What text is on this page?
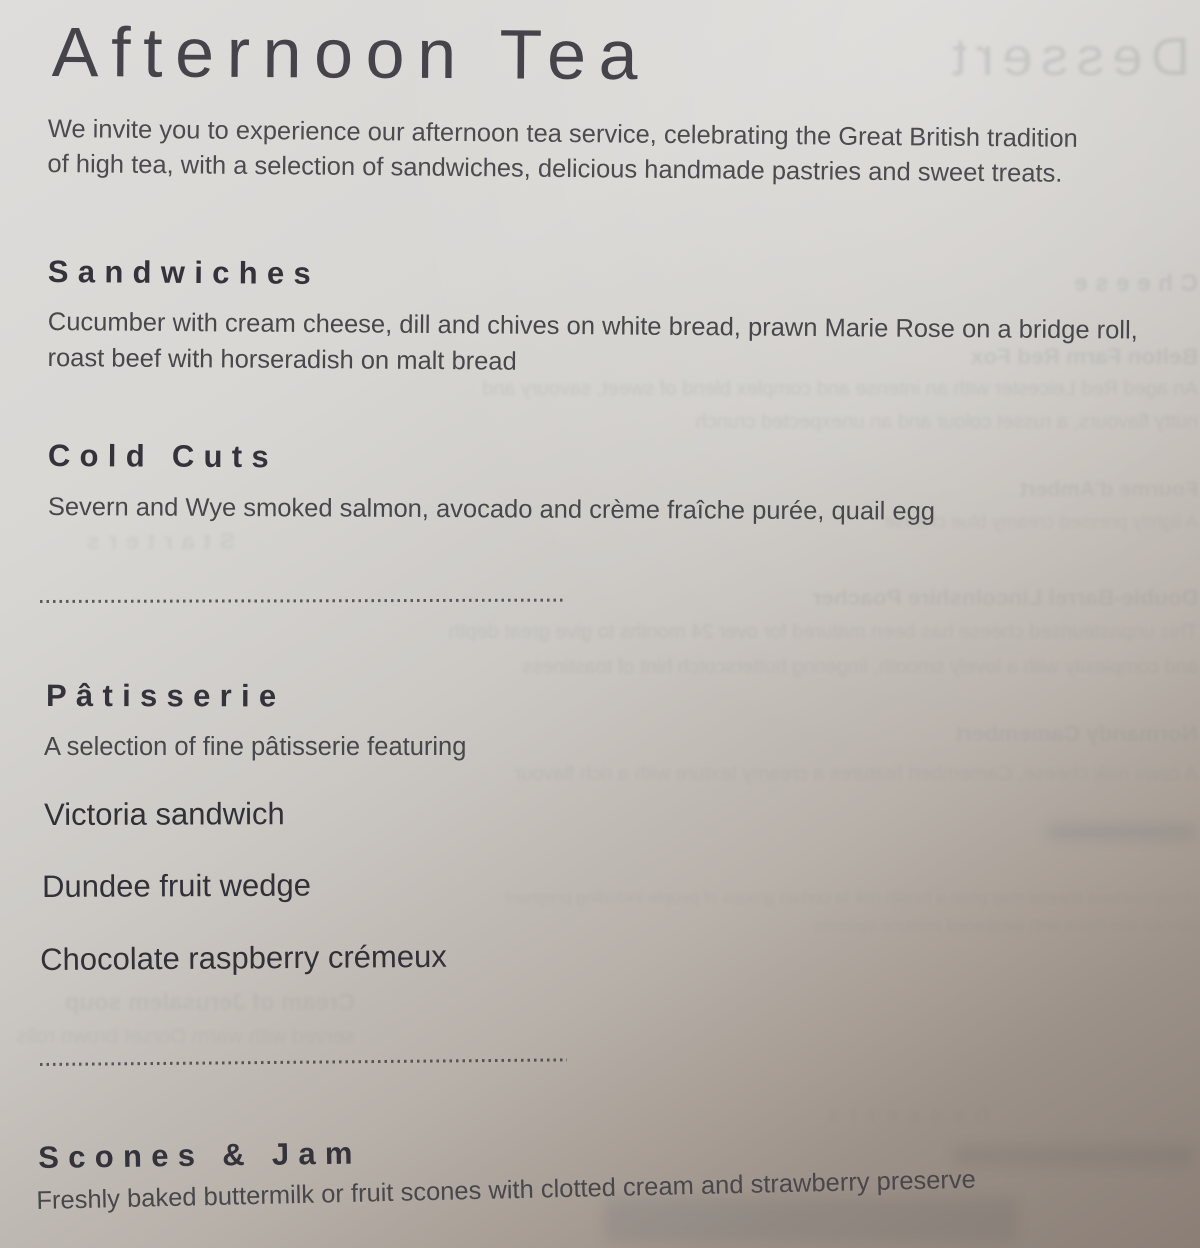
Afternoon Tea
We invite you to experience our afternoon tea service, celebrating the Great British tradition
of high tea, with a selection of sandwiches, delicious handmade pastries and sweet treats.
Sandwiches
Cucumber with cream cheese, dill and chives on white bread, prawn Marie Rose on a bridge roll,
roast beef with horseradish on malt bread
Cold Cuts
Severn and Wye smoked salmon, avocado and crème fraîche purée, quail egg
Pâtisserie
A selection of fine pâtisserie featuring
Victoria sandwich
Dundee fruit wedge
Chocolate raspberry crémeux
Scones & Jam
Freshly baked buttermilk or fruit scones with clotted cream and strawberry preserve
Dessert
Cheese
Belton Farm Red Fox
An aged Red Leicester with an intense and complex blend of sweet, savoury and
nutty flavours, a russet colour and an unexpected crunch
Fourme d'Ambert
A lightly pressed creamy blue cheese
Starters
Double-Barrel Lincolnshire Poacher
This unpasteurised cheese has been matured for over 24 months to give great depth
and complexity with a lovely smooth, lingering butterscotch hint of toastiness
Normandy Camembert
A cows milk cheese, Camembert features a creamy texture with a rich flavour
Unpasteurised cheese may pose a health risk to certain groups of people including pregnant
women and those with weakened immune systems
Cream of Jerusalem soup
served with warm Dorset brown rolls
Desserts
